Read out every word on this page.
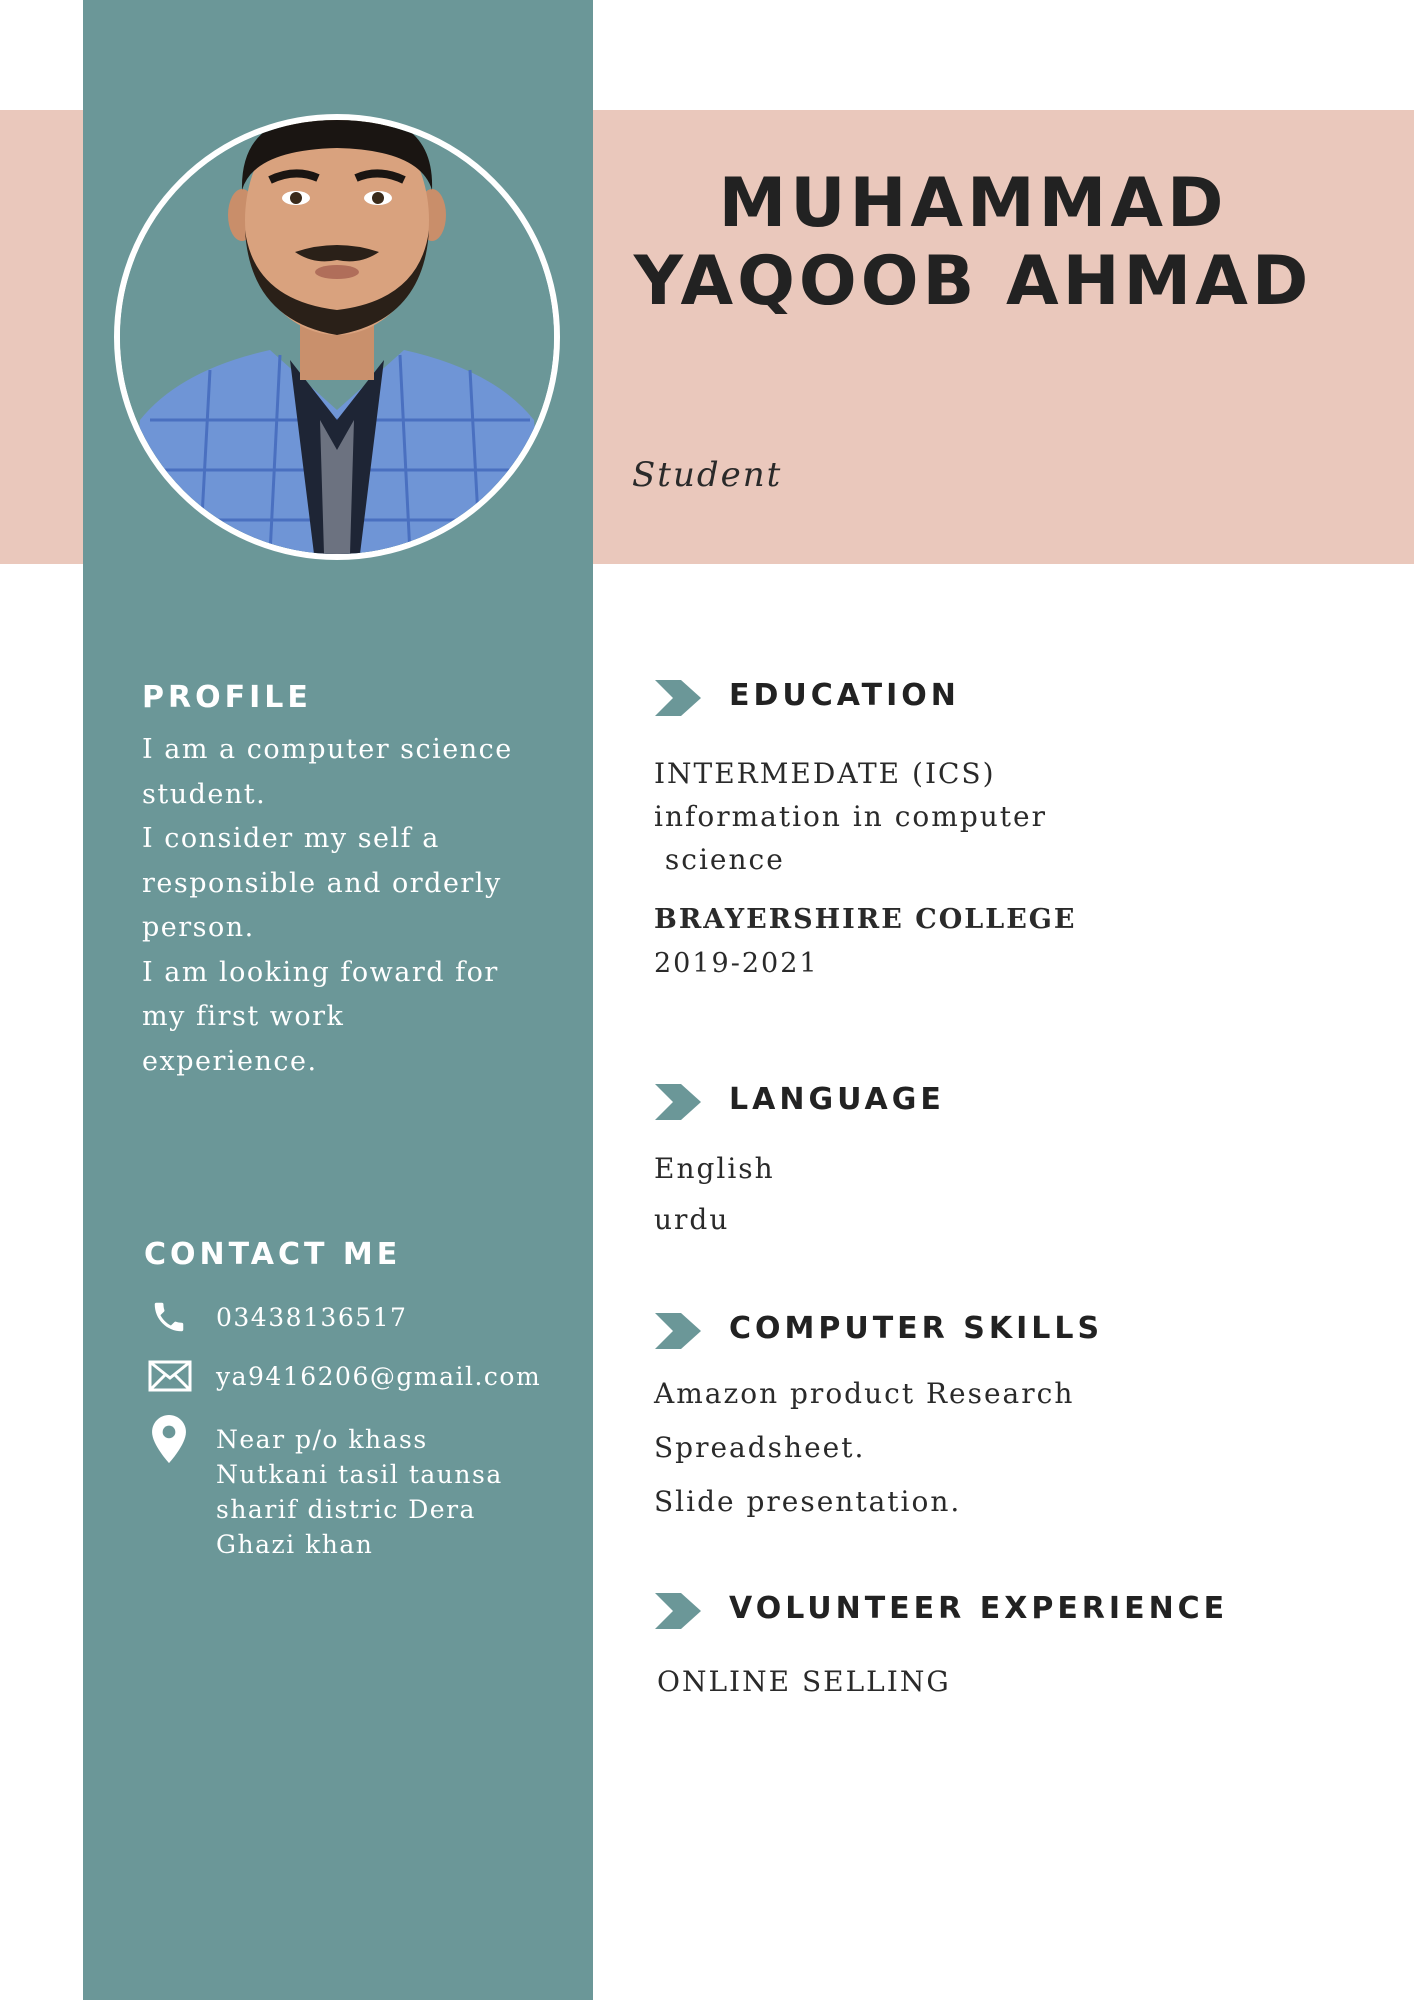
MUHAMMAD
YAQOOB AHMAD
Student
PROFILE
I am a computer science
student.
I consider my self a
responsible and orderly
person.
I am looking foward for
my first work
experience.
CONTACT ME
03438136517
ya9416206@gmail.com
Near p/o khass
Nutkani tasil taunsa
sharif distric Dera
Ghazi khan
EDUCATION
INTERMEDATE (ICS)
information in computer
science
BRAYERSHIRE COLLEGE
2019-2021
LANGUAGE
English
urdu
COMPUTER SKILLS
Amazon product Research
Spreadsheet.
Slide presentation.
VOLUNTEER EXPERIENCE
ONLINE SELLING
